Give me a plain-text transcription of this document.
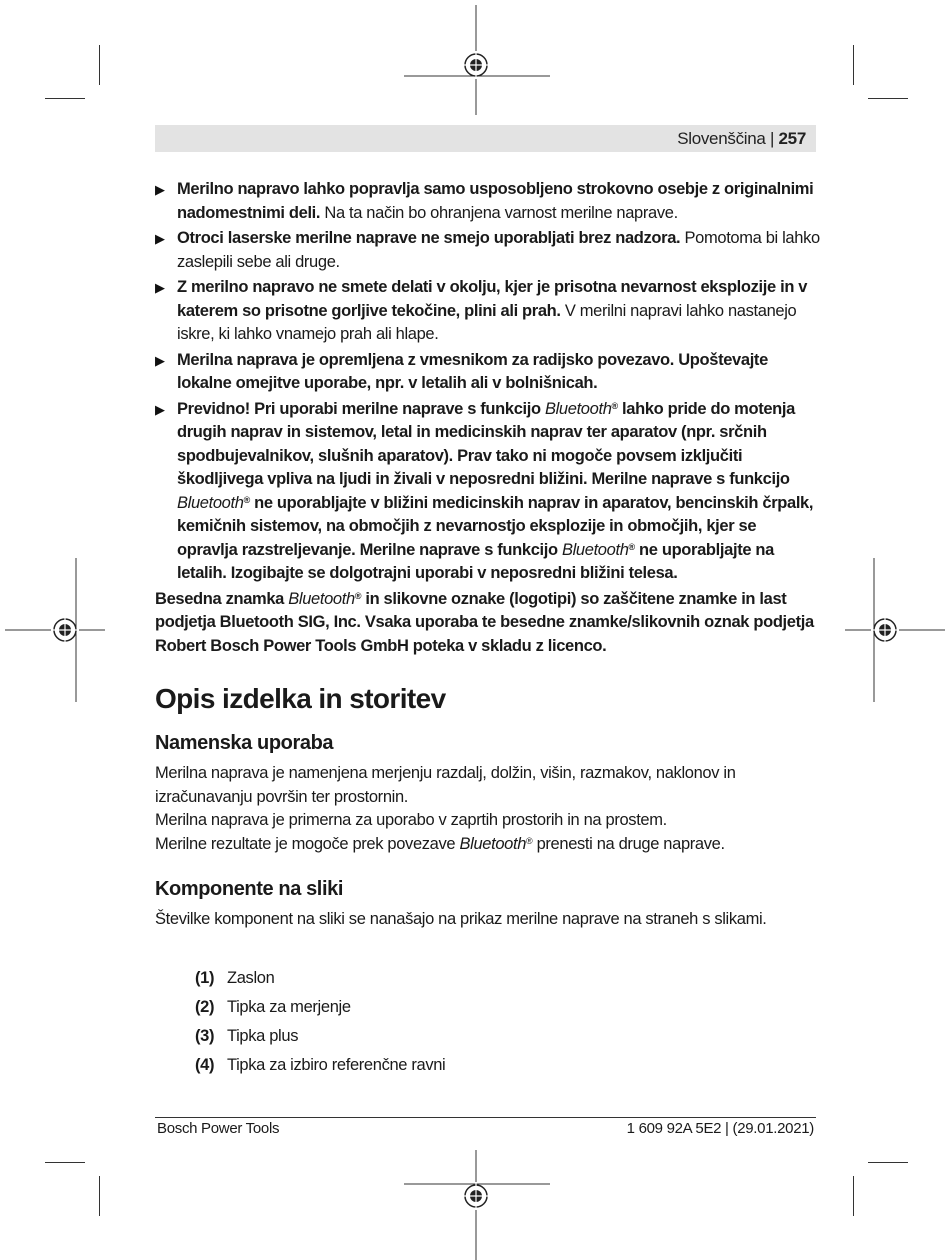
Slovenščina | 257
▶ Merilno napravo lahko popravlja samo usposobljeno strokovno osebje z originalnimi nadomestnimi deli. Na ta način bo ohranjena varnost merilne naprave.
▶ Otroci laserske merilne naprave ne smejo uporabljati brez nadzora. Pomotoma bi lahko zaslepili sebe ali druge.
▶ Z merilno napravo ne smete delati v okolju, kjer je prisotna nevarnost eksplozije in v katerem so prisotne gorljive tekočine, plini ali prah. V merilni napravi lahko nastanejo iskre, ki lahko vnamejo prah ali hlape.
▶ Merilna naprava je opremljena z vmesnikom za radijsko povezavo. Upoštevajte lokalne omejitve uporabe, npr. v letalih ali v bolnišnicah.
▶ Previdno! Pri uporabi merilne naprave s funkcijo Bluetooth® lahko pride do motenja drugih naprav in sistemov, letal in medicinskih naprav ter aparatov (npr. srčnih spodbujevalnikov, slušnih aparatov). Prav tako ni mogoče povsem izključiti škodljivega vpliva na ljudi in živali v neposredni bližini. Merilne naprave s funkcijo Bluetooth® ne uporabljajte v bližini medicinskih naprav in aparatov, bencinskih črpalk, kemičnih sistemov, na območjih z nevarnostjo eksplozije in območjih, kjer se opravlja razstreljevanje. Merilne naprave s funkcijo Bluetooth® ne uporabljajte na letalih. Izogibajte se dolgotrajni uporabi v neposredni bližini telesa.

Besedna znamka Bluetooth® in slikovne oznake (logotipi) so zaščitene znamke in last podjetja Bluetooth SIG, Inc. Vsaka uporaba te besedne znamke/slikovnih oznak podjetja Robert Bosch Power Tools GmbH poteka v skladu z licenco.

Opis izdelka in storitev
Namenska uporaba

Merilna naprava je namenjena merjenju razdalj, dolžin, višin, razmakov, naklonov in izračunavanju površin ter prostornin.

Merilna naprava je primerna za uporabo v zaprtih prostorih in na prostem.

Merilne rezultate je mogoče prek povezave Bluetooth® prenesti na druge naprave.

Komponente na sliki

Številke komponent na sliki se nanašajo na prikaz merilne naprave na straneh s slikami.

(1) Zaslon
(2) Tipka za merjenje
(3) Tipka plus
(4) Tipka za izbiro referenčne ravni
Bosch Power Tools	1 609 92A 5E2 | (29.01.2021)
